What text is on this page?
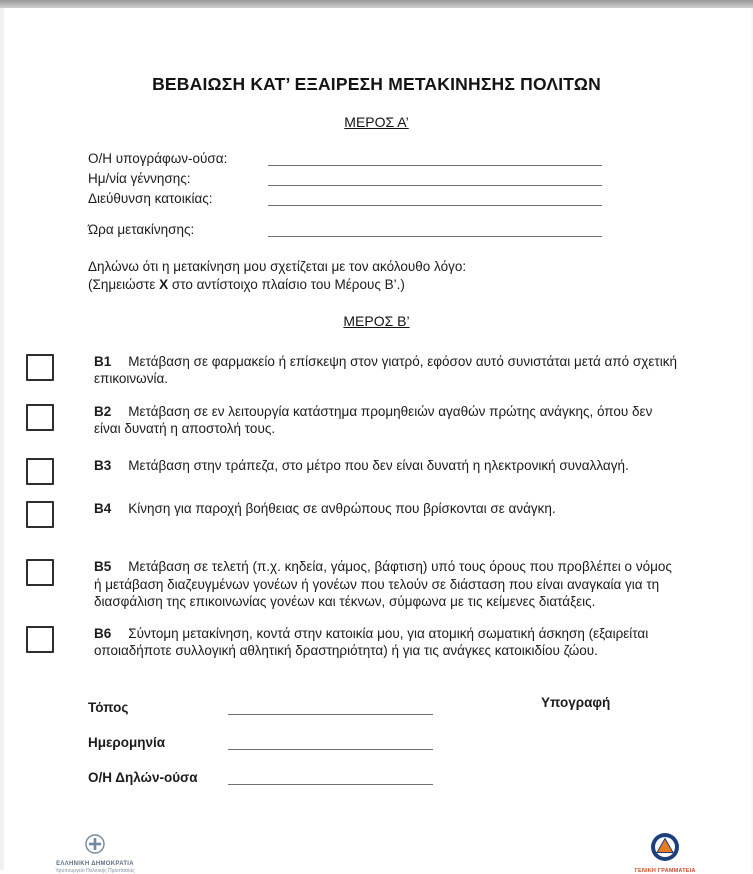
ΒΕΒΑΙΩΣΗ ΚΑΤ’ ΕΞΑΙΡΕΣΗ ΜΕΤΑΚΙΝΗΣΗΣ ΠΟΛΙΤΩΝ
ΜΕΡΟΣ Α’
Ο/Η υπογράφων-ούσα:
Ημ/νία γέννησης:
Διεύθυνση κατοικίας:
Ώρα μετακίνησης:

Δηλώνω ότι η μετακίνηση μου σχετίζεται με τον ακόλουθο λόγο:
(Σημειώστε X στο αντίστοιχο πλαίσιο του Μέρους Β’.)

ΜΕΡΟΣ Β’
B1 Μετάβαση σε φαρμακείο ή επίσκεψη στον γιατρό, εφόσον αυτό συνιστάται μετά από σχετική επικοινωνία.
B2 Μετάβαση σε εν λειτουργία κατάστημα προμηθειών αγαθών πρώτης ανάγκης, όπου δεν είναι δυνατή η αποστολή τους.
B3 Μετάβαση στην τράπεζα, στο μέτρο που δεν είναι δυνατή η ηλεκτρονική συναλλαγή.
B4 Κίνηση για παροχή βοήθειας σε ανθρώπους που βρίσκονται σε ανάγκη.
B5 Μετάβαση σε τελετή (π.χ. κηδεία, γάμος, βάφτιση) υπό τους όρους που προβλέπει ο νόμος ή μετάβαση διαζευγμένων γονέων ή γονέων που τελούν σε διάσταση που είναι αναγκαία για τη διασφάλιση της επικοινωνίας γονέων και τέκνων, σύμφωνα με τις κείμενες διατάξεις.
B6 Σύντομη μετακίνηση, κοντά στην κατοικία μου, για ατομική σωματική άσκηση (εξαιρείται οποιαδήποτε συλλογική αθλητική δραστηριότητα) ή για τις ανάγκες κατοικιδίου ζώου.
Τόπος
Ημερομηνία
Ο/Η Δηλών-ούσα
Υπογραφή
ΕΛΛΗΝΙΚΗ ΔΗΜΟΚΡΑΤΙΑ
Υφυπουργείο Πολιτικής Προστασίας	ΓΕΝΙΚΗ ΓΡΑΜΜΑΤΕΙΑ
